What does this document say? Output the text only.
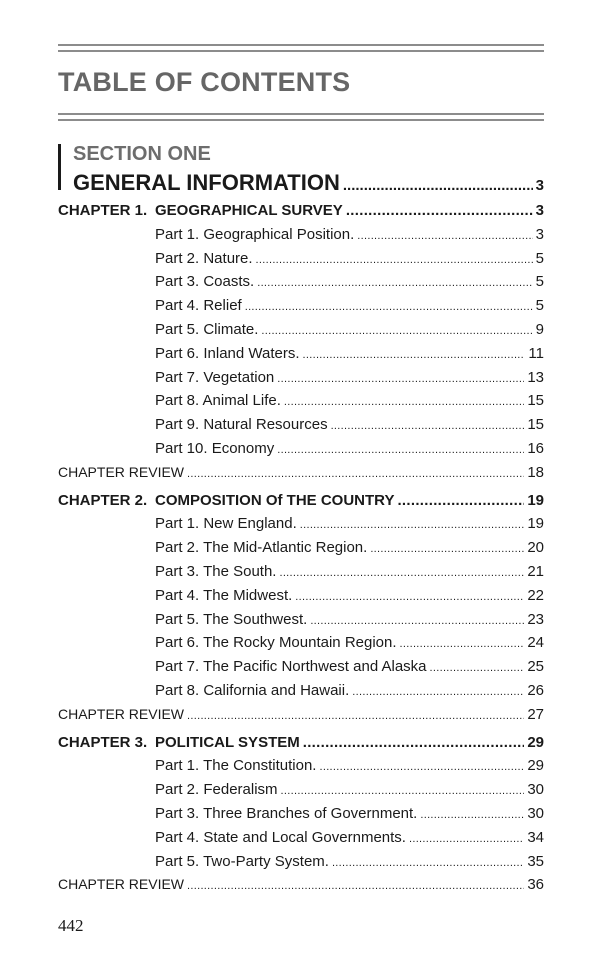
TABLE OF CONTENTS
SECTION ONE
GENERAL INFORMATION .....	3
CHAPTER 1. GEOGRAPHICAL SURVEY .....	3
Part 1. Geographical Position. .....	3
Part 2. Nature. .....	5
Part 3. Coasts. .....	5
Part 4. Relief .....	5
Part 5. Climate. .....	9
Part 6. Inland Waters. .....	11
Part 7. Vegetation .....	13
Part 8. Animal Life. .....	15
Part 9. Natural Resources .....	15
Part 10. Economy .....	16
CHAPTER REVIEW .....	18
CHAPTER 2. COMPOSITION Of THE COUNTRY .....	19
Part 1. New England. .....	19
Part 2. The Mid-Atlantic Region. .....	20
Part 3. The South. .....	21
Part 4. The Midwest. .....	22
Part 5. The Southwest. .....	23
Part 6. The Rocky Mountain Region. .....	24
Part 7. The Pacific Northwest and Alaska .....	25
Part 8. California and Hawaii. .....	26
CHAPTER REVIEW .....	27
CHAPTER 3. POLITICAL SYSTEM .....	29
Part 1. The Constitution. .....	29
Part 2. Federalism .....	30
Part 3. Three Branches of Government. .....	30
Part 4. State and Local Governments. .....	34
Part 5. Two-Party System. .....	35
CHAPTER REVIEW .....	36
442
